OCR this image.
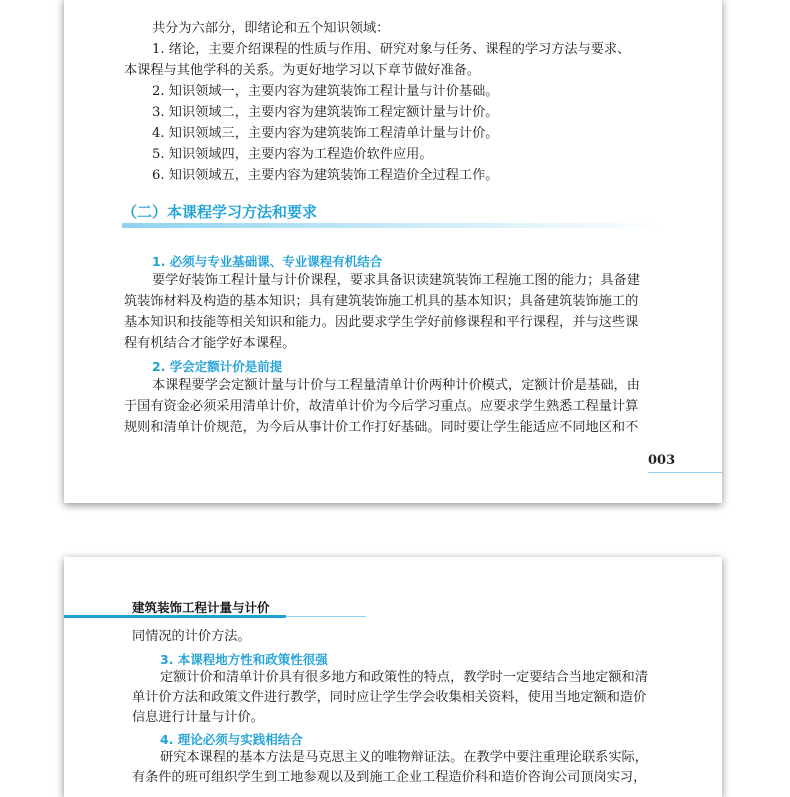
共分为六部分，即绪论和五个知识领域：

1. 绪论，主要介绍课程的性质与作用、研究对象与任务、课程的学习方法与要求、

本课程与其他学科的关系。为更好地学习以下章节做好准备。

2. 知识领域一，主要内容为建筑装饰工程计量与计价基础。

3. 知识领域二，主要内容为建筑装饰工程定额计量与计价。

4. 知识领域三，主要内容为建筑装饰工程清单计量与计价。

5. 知识领域四，主要内容为工程造价软件应用。

6. 知识领域五，主要内容为建筑装饰工程造价全过程工作。

（二）本课程学习方法和要求

1. 必须与专业基础课、专业课程有机结合

要学好装饰工程计量与计价课程，要求具备识读建筑装饰工程施工图的能力；具备建

筑装饰材料及构造的基本知识；具有建筑装饰施工机具的基本知识；具备建筑装饰施工的

基本知识和技能等相关知识和能力。因此要求学生学好前修课程和平行课程，并与这些课

程有机结合才能学好本课程。

2. 学会定额计价是前提

本课程要学会定额计量与计价与工程量清单计价两种计价模式，定额计价是基础，由

于国有资金必须采用清单计价，故清单计价为今后学习重点。应要求学生熟悉工程量计算

规则和清单计价规范，为今后从事计价工作打好基础。同时要让学生能适应不同地区和不

003
建筑装饰工程计量与计价

同情况的计价方法。

3. 本课程地方性和政策性很强

定额计价和清单计价具有很多地方和政策性的特点，教学时一定要结合当地定额和清

单计价方法和政策文件进行教学，同时应让学生学会收集相关资料，使用当地定额和造价

信息进行计量与计价。

4. 理论必须与实践相结合

研究本课程的基本方法是马克思主义的唯物辩证法。在教学中要注重理论联系实际，

有条件的班可组织学生到工地参观以及到施工企业工程造价科和造价咨询公司顶岗实习，
